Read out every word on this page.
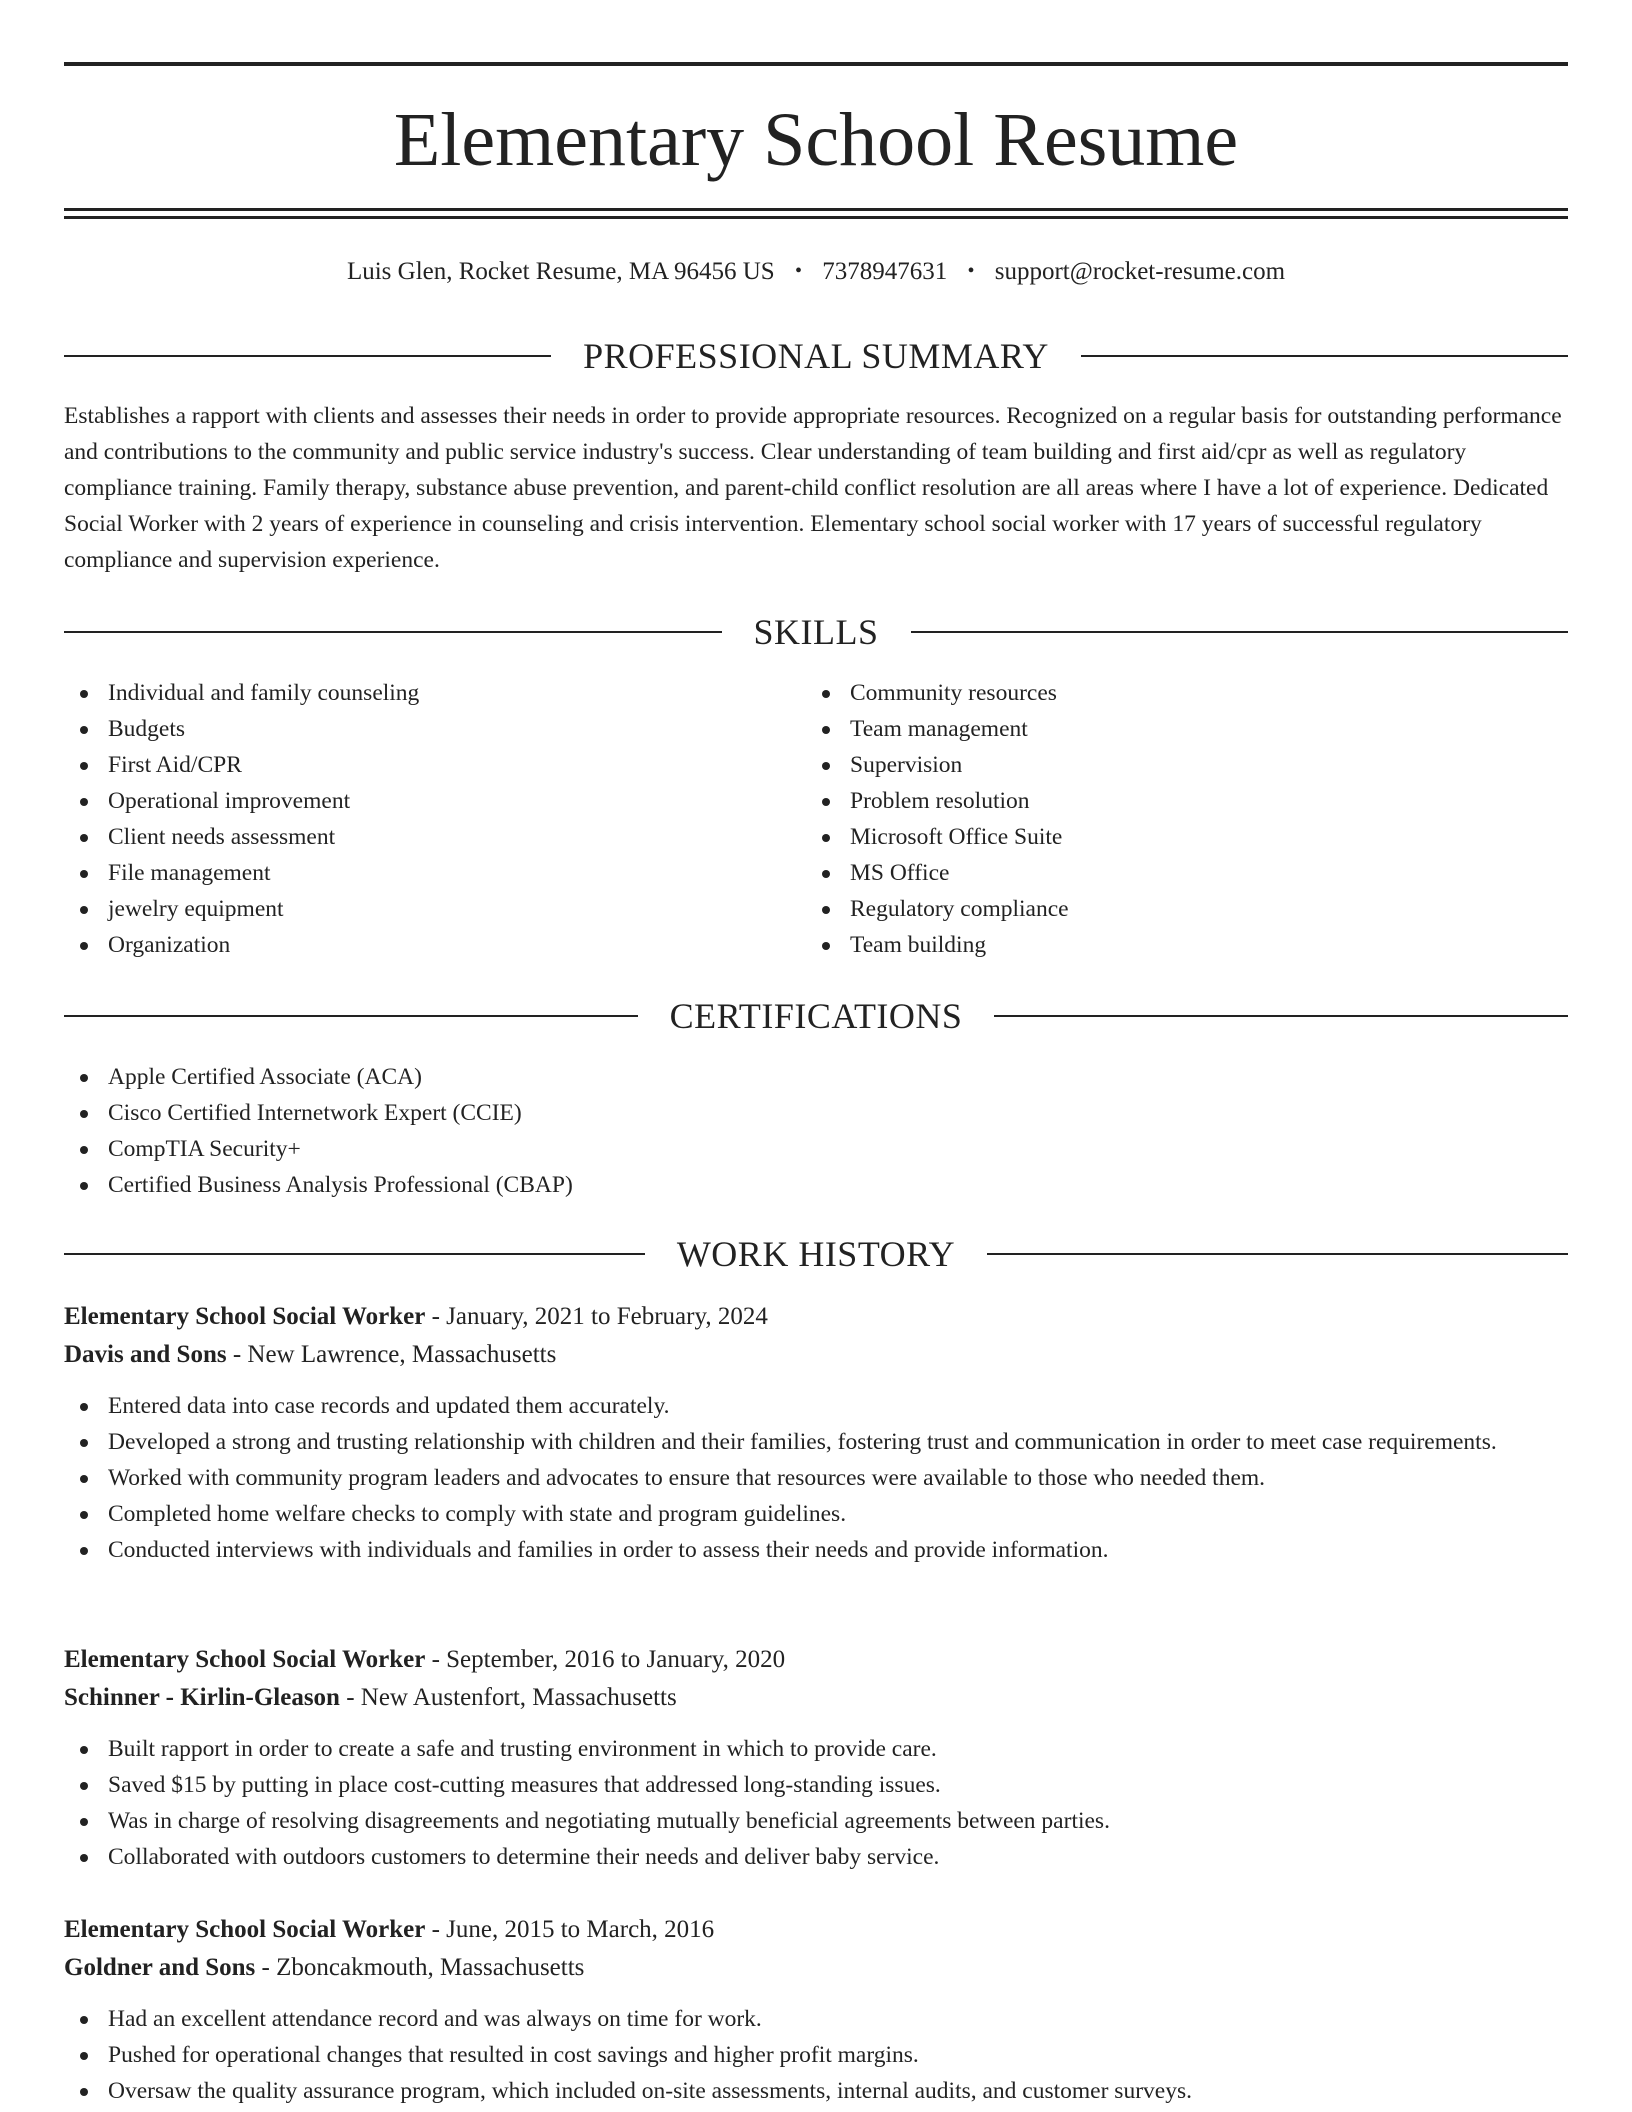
Elementary School Resume
Luis Glen, Rocket Resume, MA 96456 US • 7378947631 • support@rocket-resume.com
PROFESSIONAL SUMMARY

Establishes a rapport with clients and assesses their needs in order to provide appropriate resources. Recognized on a regular basis for outstanding performance and contributions to the community and public service industry's success. Clear understanding of team building and first aid/cpr as well as regulatory compliance training. Family therapy, substance abuse prevention, and parent-child conflict resolution are all areas where I have a lot of experience. Dedicated Social Worker with 2 years of experience in counseling and crisis intervention. Elementary school social worker with 17 years of successful regulatory compliance and supervision experience.

SKILLS
Individual and family counseling
Budgets
First Aid/CPR
Operational improvement
Client needs assessment
File management
jewelry equipment
Organization
Community resources
Team management
Supervision
Problem resolution
Microsoft Office Suite
MS Office
Regulatory compliance
Team building
CERTIFICATIONS
Apple Certified Associate (ACA)
Cisco Certified Internetwork Expert (CCIE)
CompTIA Security+
Certified Business Analysis Professional (CBAP)
WORK HISTORY
Elementary School Social Worker - January, 2021 to February, 2024
Davis and Sons - New Lawrence, Massachusetts
Entered data into case records and updated them accurately.
Developed a strong and trusting relationship with children and their families, fostering trust and communication in order to meet case requirements.
Worked with community program leaders and advocates to ensure that resources were available to those who needed them.
Completed home welfare checks to comply with state and program guidelines.
Conducted interviews with individuals and families in order to assess their needs and provide information.
Elementary School Social Worker - September, 2016 to January, 2020
Schinner - Kirlin-Gleason - New Austenfort, Massachusetts
Built rapport in order to create a safe and trusting environment in which to provide care.
Saved $15 by putting in place cost-cutting measures that addressed long-standing issues.
Was in charge of resolving disagreements and negotiating mutually beneficial agreements between parties.
Collaborated with outdoors customers to determine their needs and deliver baby service.
Elementary School Social Worker - June, 2015 to March, 2016
Goldner and Sons - Zboncakmouth, Massachusetts
Had an excellent attendance record and was always on time for work.
Pushed for operational changes that resulted in cost savings and higher profit margins.
Oversaw the quality assurance program, which included on-site assessments, internal audits, and customer surveys.
